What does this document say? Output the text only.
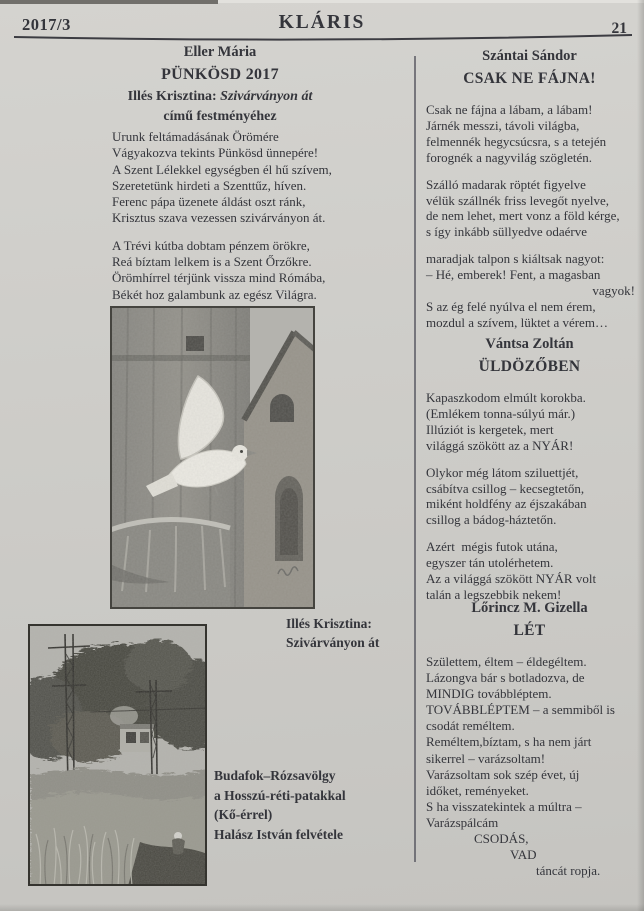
2017/3	KLÁRIS	21
Eller Mária
PÜNKÖSD 2017
Illés Krisztina: Szivárványon át
című festményéhez
Urunk feltámadásának Örömére
Vágyakozva tekints Pünkösd ünnepére!
A Szent Lélekkel egységben él hű szívem,
Szeretetünk hirdeti a Szenttűz, híven.
Ferenc pápa üzenete áldást oszt ránk,
Krisztus szava vezessen szivárványon át.
A Trévi kútba dobtam pénzem örökre,
Reá bíztam lelkem is a Szent Őrzőkre.
Örömhírrel térjünk vissza mind Rómába,
Békét hoz galambunk az egész Világra.
Illés Krisztina:
Szivárványon át
Budafok–Rózsavölgy
a Hosszú-réti-patakkal
(Kő-érrel)
Halász István felvétele
Szántai Sándor
CSAK NE FÁJNA!
Csak ne fájna a lábam, a lábam!
Járnék messzi, távoli világba,
felmennék hegycsúcsra, s a tetején
forognék a nagyvilág szögletén.
Szálló madarak röptét figyelve
vélük szállnék friss levegőt nyelve,
de nem lehet, mert vonz a föld kérge,
s így inkább süllyedve odaérve
maradjak talpon s kiáltsak nagyot:
– Hé, emberek! Fent, a magasban
vagyok!
S az ég felé nyúlva el nem érem,
mozdul a szívem, lüktet a vérem…
Vántsa Zoltán
ÜLDÖZŐBEN
Kapaszkodom elmúlt korokba.
(Emlékem tonna-súlyú már.)
Illúziót is kergetek, mert
világgá szökött az a NYÁR!
Olykor még látom sziluettjét,
csábítva csillog – kecsegtetőn,
miként holdfény az éjszakában
csillog a bádog-háztetőn.
Azért  mégis futok utána,
egyszer tán utolérhetem.
Az a világgá szökött NYÁR volt
talán a legszebbik nekem!
Lőrincz M. Gizella
LÉT
Születtem, éltem – éldegéltem.
Lázongva bár s botladozva, de
MINDIG továbbléptem.
TOVÁBBLÉPTEM – a semmiből is
csodát reméltem.
Reméltem,bíztam, s ha nem járt
sikerrel – varázsoltam!
Varázsoltam sok szép évet, új
időket, reményeket.
S ha visszatekintek a múltra –
Varázspálcám
CSODÁS,
VAD
táncát ropja.
